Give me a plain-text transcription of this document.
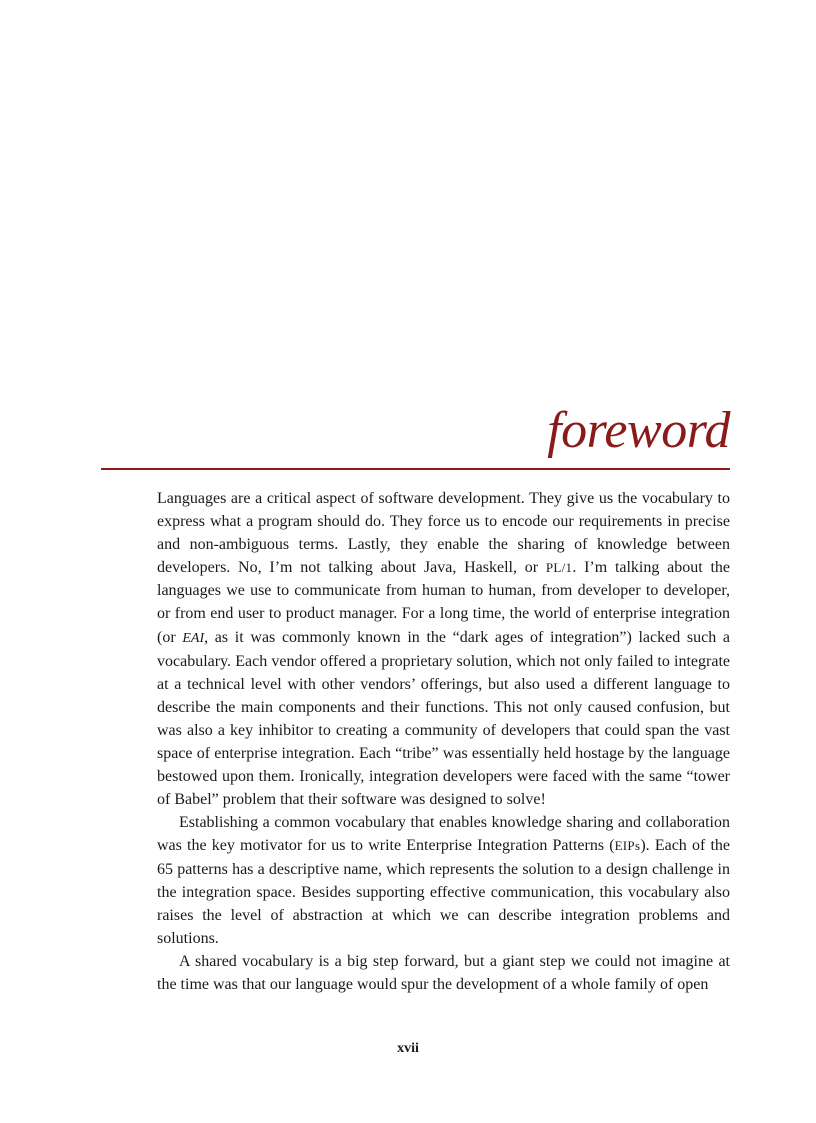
foreword

Languages are a critical aspect of software development. They give us the vocabulary to express what a program should do. They force us to encode our requirements in precise and non-ambiguous terms. Lastly, they enable the sharing of knowledge between developers. No, I’m not talking about Java, Haskell, or PL/1. I’m talking about the languages we use to communicate from human to human, from developer to developer, or from end user to product manager. For a long time, the world of enterprise integration (or EAI, as it was commonly known in the “dark ages of integration”) lacked such a vocabulary. Each vendor offered a proprietary solution, which not only failed to integrate at a technical level with other vendors’ offerings, but also used a different language to describe the main components and their functions. This not only caused confusion, but was also a key inhibitor to creating a community of developers that could span the vast space of enterprise integration. Each “tribe” was essentially held hostage by the language bestowed upon them. Ironically, integration developers were faced with the same “tower of Babel” problem that their software was designed to solve!

Establishing a common vocabulary that enables knowledge sharing and collaboration was the key motivator for us to write Enterprise Integration Patterns (EIPs). Each of the 65 patterns has a descriptive name, which represents the solution to a design challenge in the integration space. Besides supporting effective communication, this vocabulary also raises the level of abstraction at which we can describe integration problems and solutions.

A shared vocabulary is a big step forward, but a giant step we could not imagine at the time was that our language would spur the development of a whole family of open

xvii
